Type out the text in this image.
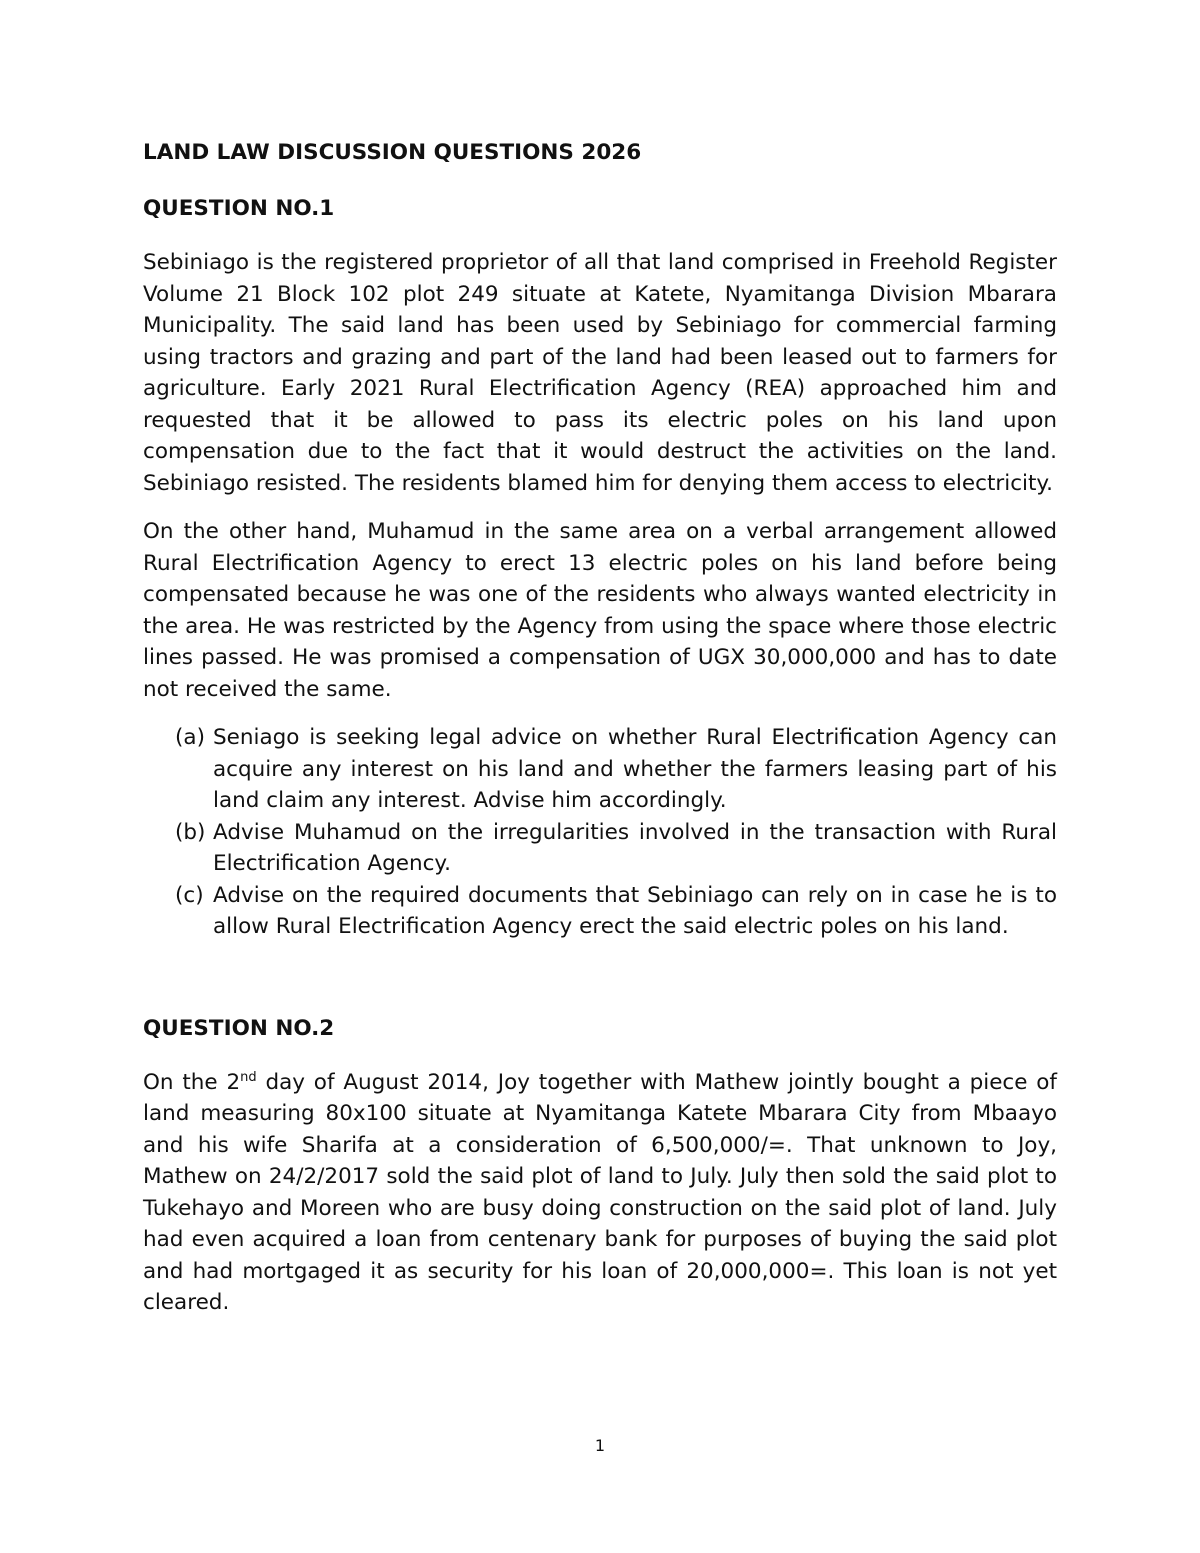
LAND LAW DISCUSSION QUESTIONS 2026

QUESTION NO.1

Sebiniago is the registered proprietor of all that land comprised in Freehold Register Volume 21 Block 102 plot 249 situate at Katete, Nyamitanga Division Mbarara Municipality. The said land has been used by Sebiniago for commercial farming using tractors and grazing and part of the land had been leased out to farmers for agriculture. Early 2021 Rural Electrification Agency (REA) approached him and requested that it be allowed to pass its electric poles on his land upon compensation due to the fact that it would destruct the activities on the land. Sebiniago resisted. The residents blamed him for denying them access to electricity.

On the other hand, Muhamud in the same area on a verbal arrangement allowed Rural Electrification Agency to erect 13 electric poles on his land before being compensated because he was one of the residents who always wanted electricity in the area. He was restricted by the Agency from using the space where those electric lines passed. He was promised a compensation of UGX 30,000,000 and has to date not received the same.

(a) Seniago is seeking legal advice on whether Rural Electrification Agency can acquire any interest on his land and whether the farmers leasing part of his land claim any interest. Advise him accordingly.
(b) Advise Muhamud on the irregularities involved in the transaction with Rural Electrification Agency.
(c) Advise on the required documents that Sebiniago can rely on in case he is to allow Rural Electrification Agency erect the said electric poles on his land.

QUESTION NO.2

On the 2nd day of August 2014, Joy together with Mathew jointly bought a piece of land measuring 80x100 situate at Nyamitanga Katete Mbarara City from Mbaayo and his wife Sharifa at a consideration of 6,500,000/=. That unknown to Joy, Mathew on 24/2/2017 sold the said plot of land to July. July then sold the said plot to Tukehayo and Moreen who are busy doing construction on the said plot of land. July had even acquired a loan from centenary bank for purposes of buying the said plot and had mortgaged it as security for his loan of 20,000,000=. This loan is not yet cleared.

1
